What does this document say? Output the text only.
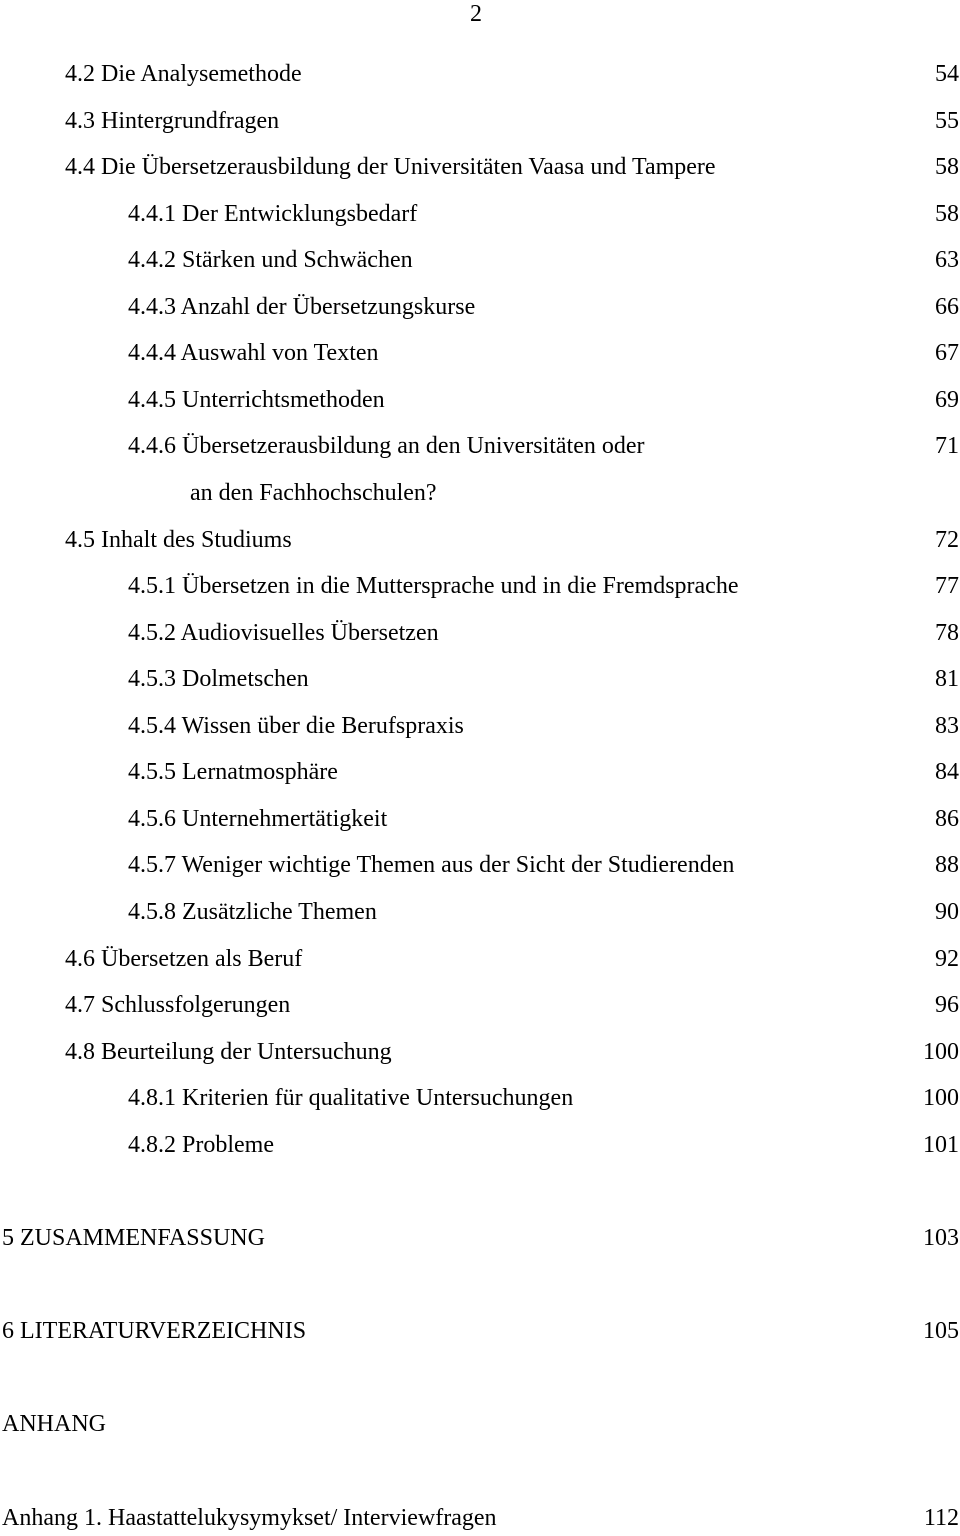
2
4.2 Die Analysemethode	54
4.3 Hintergrundfragen	55
4.4 Die Übersetzerausbildung der Universitäten Vaasa und Tampere	58
4.4.1 Der Entwicklungsbedarf	58
4.4.2 Stärken und Schwächen	63
4.4.3 Anzahl der Übersetzungskurse	66
4.4.4 Auswahl von Texten	67
4.4.5 Unterrichtsmethoden	69
4.4.6 Übersetzerausbildung an den Universitäten oder	71
an den Fachhochschulen?
4.5 Inhalt des Studiums	72
4.5.1 Übersetzen in die Muttersprache und in die Fremdsprache	77
4.5.2 Audiovisuelles Übersetzen	78
4.5.3 Dolmetschen	81
4.5.4 Wissen über die Berufspraxis	83
4.5.5 Lernatmosphäre	84
4.5.6 Unternehmertätigkeit	86
4.5.7 Weniger wichtige Themen aus der Sicht der Studierenden	88
4.5.8 Zusätzliche Themen	90
4.6 Übersetzen als Beruf	92
4.7 Schlussfolgerungen	96
4.8 Beurteilung der Untersuchung	100
4.8.1 Kriterien für qualitative Untersuchungen	100
4.8.2 Probleme	101
5 ZUSAMMENFASSUNG	103
6 LITERATURVERZEICHNIS	105
ANHANG
Anhang 1. Haastattelukysymykset/ Interviewfragen	112
